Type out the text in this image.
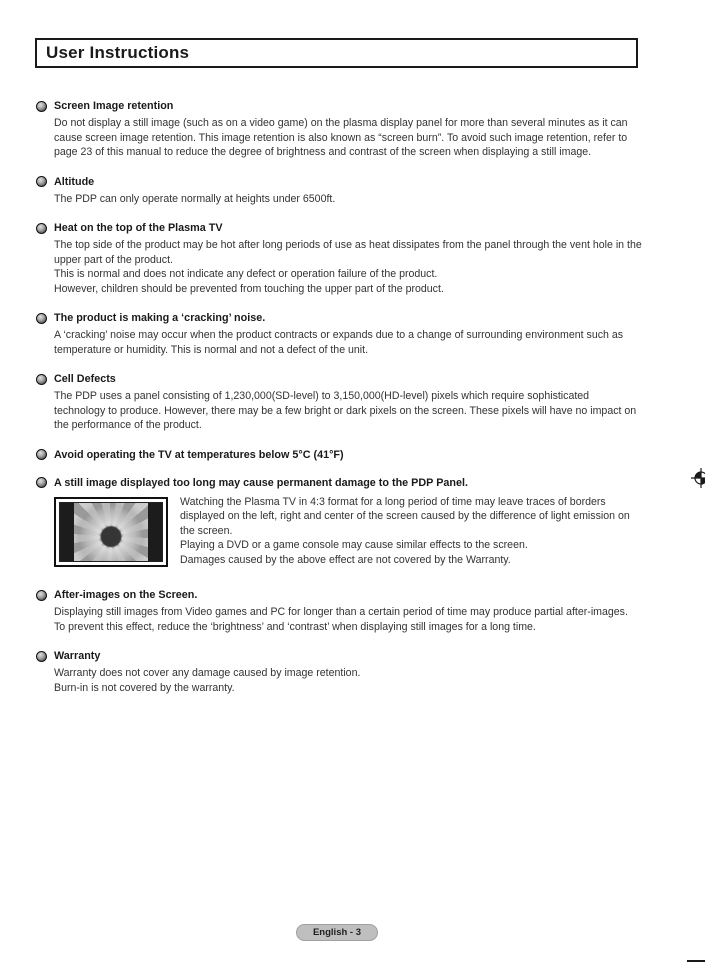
User Instructions
Screen Image retention
Do not display a still image (such as on a video game) on the plasma display panel for more than several minutes as it can cause screen image retention. This image retention is also known as “screen burn”. To avoid such image retention, refer to page 23 of this manual to reduce the degree of brightness and contrast of the screen when displaying a still image.
Altitude
The PDP can only operate normally at heights under 6500ft.
Heat on the top of the Plasma TV
The top side of the product may be hot after long periods of use as heat dissipates from the panel through the vent hole in the upper part of the product.
This is normal and does not indicate any defect or operation failure of the product.
However, children should be prevented from touching the upper part of the product.
The product is making a ‘cracking’ noise.
A ‘cracking’ noise may occur when the product contracts or expands due to a change of surrounding environment such as temperature or humidity. This is normal and not a defect of the unit.
Cell Defects
The PDP uses a panel consisting of 1,230,000(SD-level) to 3,150,000(HD-level) pixels which require sophisticated technology to produce. However, there may be a few bright or dark pixels on the screen. These pixels will have no impact on the performance of the product.
Avoid operating the TV at temperatures below 5°C (41°F)
A still image displayed too long may cause permanent damage to the PDP Panel.
Watching the Plasma TV in 4:3 format for a long period of time may leave traces of borders displayed on the left, right and center of the screen caused by the difference of light emission on the screen.
Playing a DVD or a game console may cause similar effects to the screen.
Damages caused by the above effect are not covered by the Warranty.
After-images on the Screen.
Displaying still images from Video games and PC for longer than a certain period of time may produce partial after-images.
To prevent this effect, reduce the ‘brightness’ and ‘contrast’ when displaying still images for a long time.
Warranty
Warranty does not cover any damage caused by image retention.
Burn-in is not covered by the warranty.
English - 3
